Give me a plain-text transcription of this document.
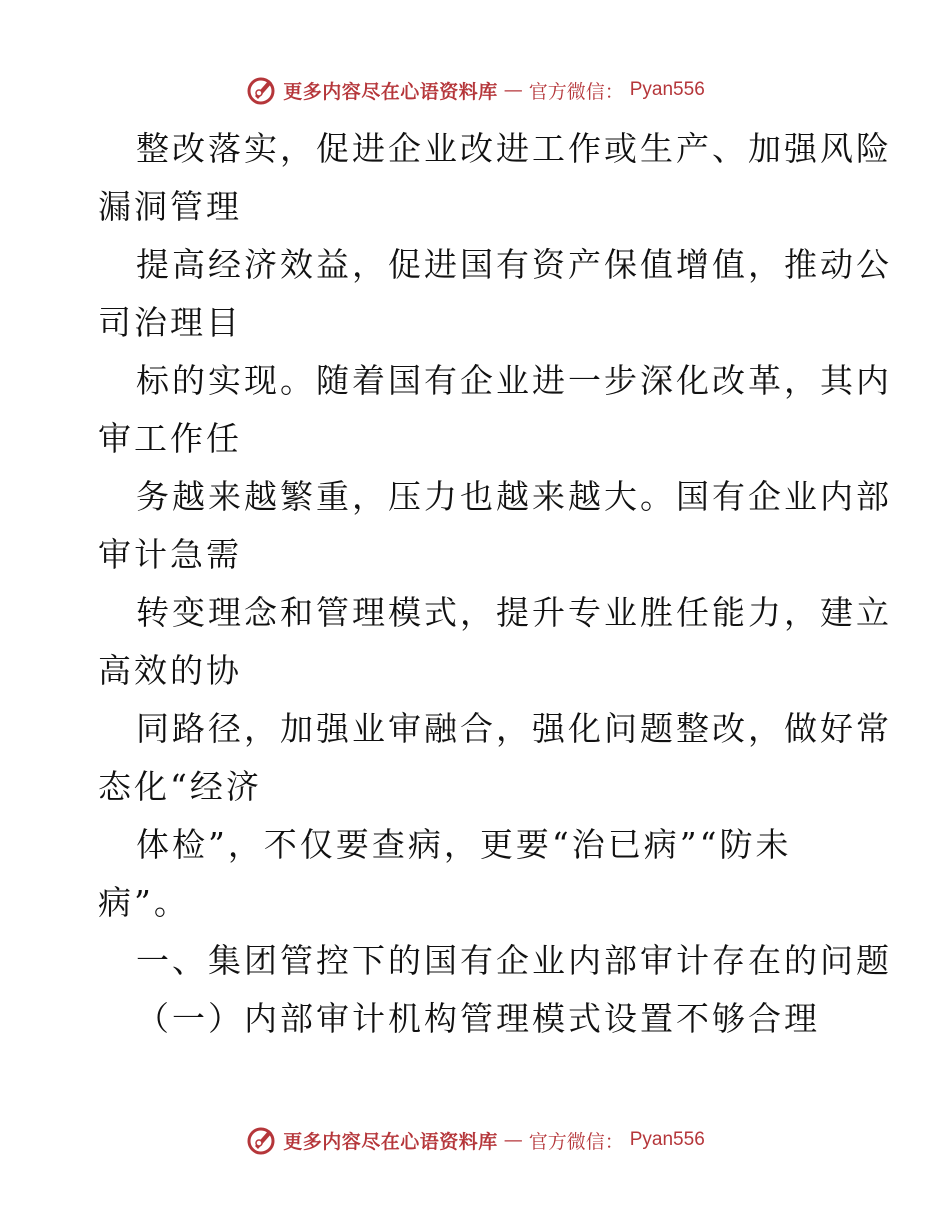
更多内容尽在心语资料库 — 官方微信： Pyan556
整改落实，促进企业改进工作或生产、加强风险
漏洞管理
提高经济效益，促进国有资产保值增值，推动公
司治理目
标的实现。随着国有企业进一步深化改革，其内
审工作任
务越来越繁重，压力也越来越大。国有企业内部
审计急需
转变理念和管理模式，提升专业胜任能力，建立
高效的协
同路径，加强业审融合，强化问题整改，做好常
态化“经济
体检”，不仅要查病，更要“治已病”“防未
病”。
一、集团管控下的国有企业内部审计存在的问题
（一）内部审计机构管理模式设置不够合理
更多内容尽在心语资料库 — 官方微信： Pyan556
